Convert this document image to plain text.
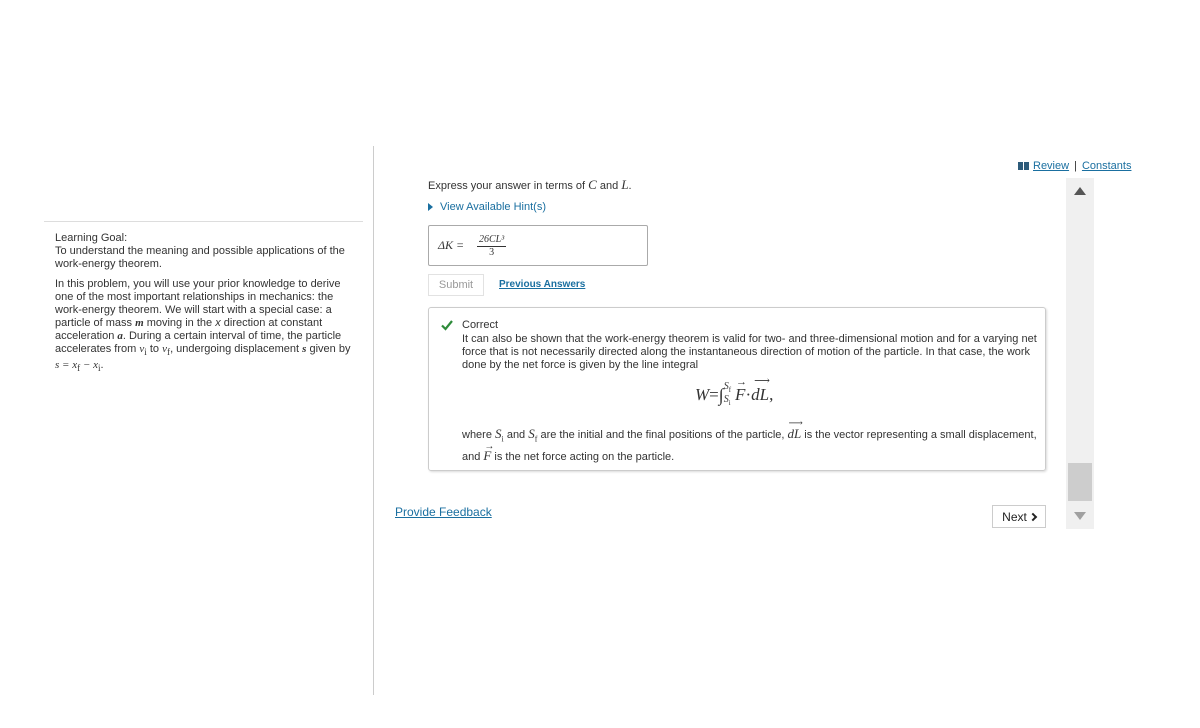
Learning Goal:
To understand the meaning and possible applications of the work-energy theorem.
In this problem, you will use your prior knowledge to derive one of the most important relationships in mechanics: the work-energy theorem. We will start with a special case: a particle of mass m moving in the x direction at constant acceleration a. During a certain interval of time, the particle accelerates from $v_i$ to $v_f$, undergoing displacement s given by $s = x_f - x_i$.
Review | Constants
Express your answer in terms of C and L.
View Available Hint(s)
$\Delta K = \frac{\text{26CL³}}{3}$
Submit	Previous Answers
Correct
It can also be shown that the work-energy theorem is valid for two- and three-dimensional motion and for a varying net force that is not necessarily directed along the instantaneous direction of motion of the particle. In that case, the work done by the net force is given by the line integral
W = ∫ $S_f$
$S_i$
→
F ·
⟶
dL ,
where $S_i$ and $S_f$ are the initial and the final positions of the particle,
⟶
dL is the vector representing a small displacement, and
→
F is the net force acting on the particle.
Provide Feedback	Next
